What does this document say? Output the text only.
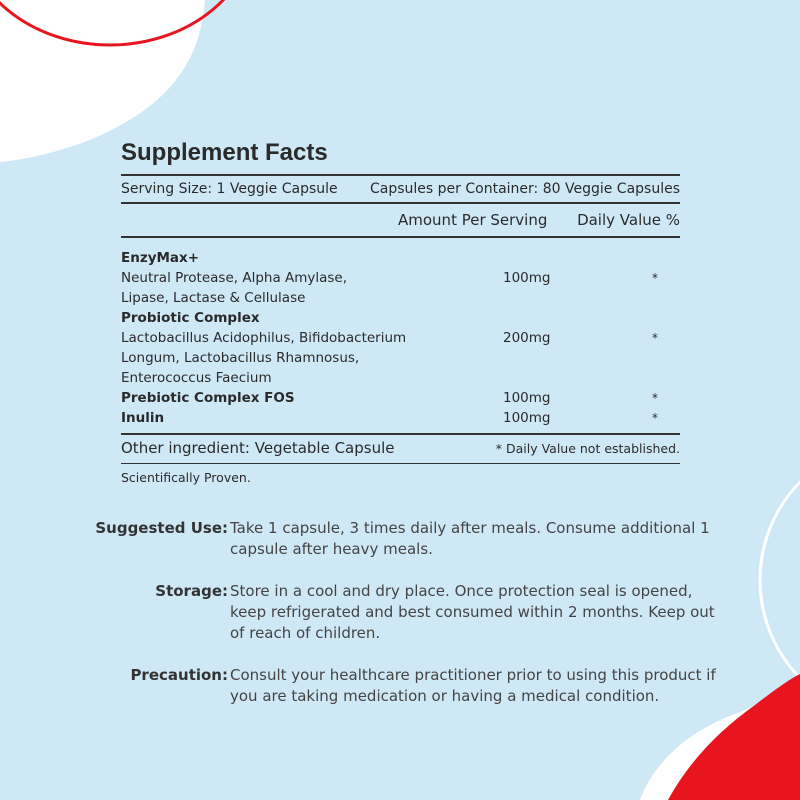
Supplement Facts
Serving Size: 1 Veggie Capsule Capsules per Container: 80 Veggie Capsules
Amount Per Serving	Daily Value %
EnzyMax+
Neutral Protease, Alpha Amylase,
Lipase, Lactase & Cellulase
100mg	*
Probiotic Complex
Lactobacillus Acidophilus, Bifidobacterium
Longum, Lactobacillus Rhamnosus,
Enterococcus Faecium
200mg	*
Prebiotic Complex FOS	100mg	*
Inulin	100mg	*
Other ingredient: Vegetable Capsule	* Daily Value not established.
Scientifically Proven.
Suggested Use: Take 1 capsule, 3 times daily after meals. Consume additional 1 capsule after heavy meals.
Storage: Store in a cool and dry place. Once protection seal is opened, keep refrigerated and best consumed within 2 months. Keep out of reach of children.
Precaution: Consult your healthcare practitioner prior to using this product if you are taking medication or having a medical condition.
